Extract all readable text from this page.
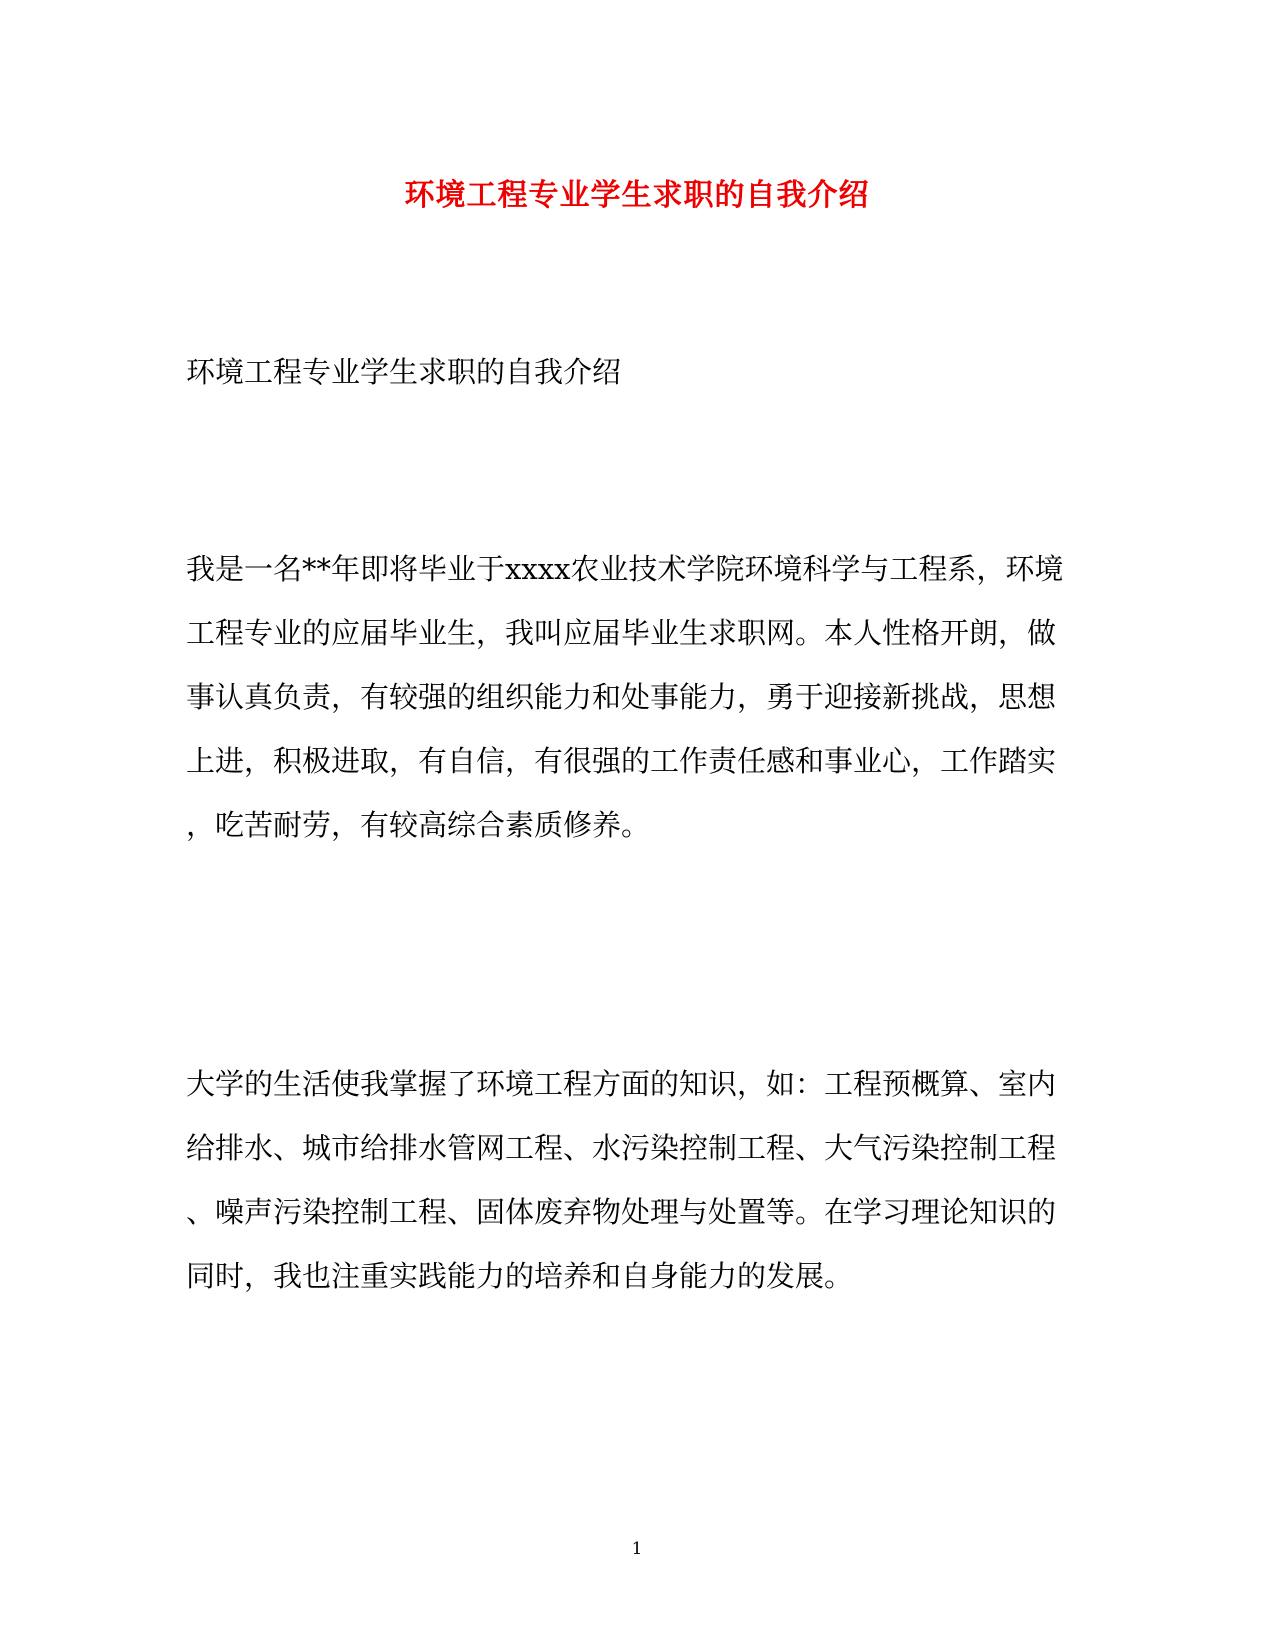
环境工程专业学生求职的自我介绍
环境工程专业学生求职的自我介绍
我是一名**年即将毕业于xxxx农业技术学院环境科学与工程系，环境
工程专业的应届毕业生，我叫应届毕业生求职网。本人性格开朗，做
事认真负责，有较强的组织能力和处事能力，勇于迎接新挑战，思想
上进，积极进取，有自信，有很强的工作责任感和事业心，工作踏实
，吃苦耐劳，有较高综合素质修养。
大学的生活使我掌握了环境工程方面的知识，如：工程预概算、室内
给排水、城市给排水管网工程、水污染控制工程、大气污染控制工程
、噪声污染控制工程、固体废弃物处理与处置等。在学习理论知识的
同时，我也注重实践能力的培养和自身能力的发展。
1
